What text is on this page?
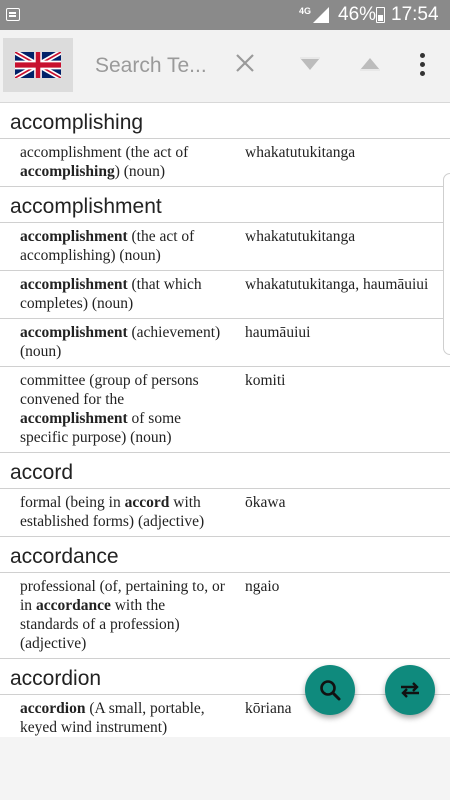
4G 46% 17:54
Search Te...
accomplishing
accomplishment (the act of accomplishing) (noun)
whakatutukitanga
accomplishment
accomplishment (the act of accomplishing) (noun)
whakatutukitanga
accomplishment (that which completes) (noun)
whakatutukitanga, haumāuiui
accomplishment (achievement) (noun)
haumāuiui
committee (group of persons convened for the accomplishment of some specific purpose) (noun)
komiti
accord
formal (being in accord with established forms) (adjective)
ōkawa
accordance
professional (of, pertaining to, or in accordance with the standards of a profession) (adjective)
ngaio
accordion
accordion (A small, portable, keyed wind instrument)
kōriana
